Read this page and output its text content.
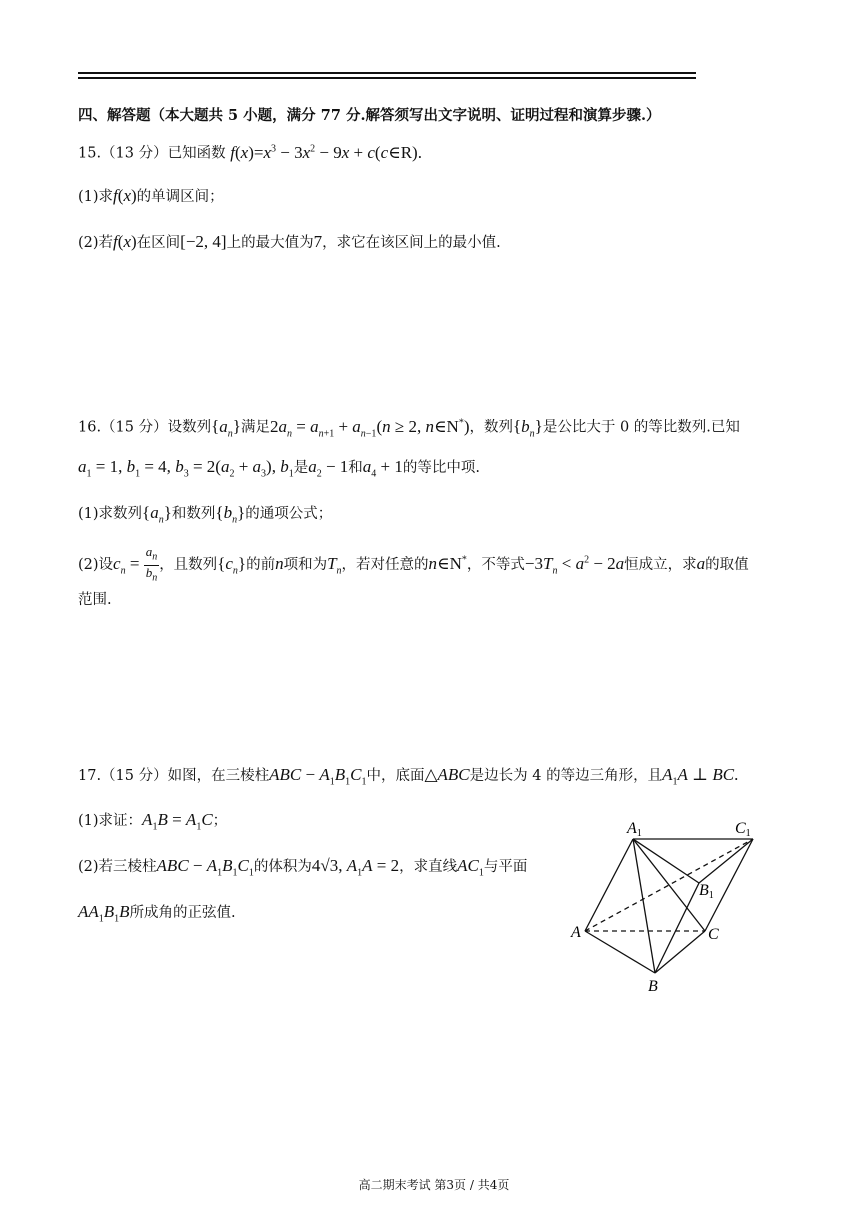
四、解答题（本大题共 5 小题，满分 77 分.解答须写出文字说明、证明过程和演算步骤.）
15.（13 分）已知函数 $f(x)=x^3 - 3x^2 - 9x$ + c(c∈R).
(1)求f(x)的单调区间；
(2)若f(x)在区间[−2, 4]上的最大值为7，求它在该区间上的最小值.
16.（15 分）设数列$\{a_n\}$满足$2a_n = a_{n+1} + a_{n-1}(n \ge 2$, n∈N*)，数列$\{b_n\}$是公比大于 0 的等比数列.已知
$a_1 = 1$, $b_1 = 4$, $b_3 = 2(a_2 + a_3)$, $b_1$是$a_2 - 1$和$a_4 + 1$的等比中项.
(1)求数列$\{a_n\}$和数列$\{b_n\}$的通项公式；
(2)设$c_n = \frac{a_n}{b_n}$ ，且数列$\{c_n\}$的前n项和为$T_n$，若对任意的n∈N*，不等式$-3T_n < a^2 - 2a$恒成立，求a的取值
范围.
17.（15 分）如图，在三棱柱ABC − $A_1B_1C_1$中，底面△ABC是边长为 4 的等边三角形，且$A_1A$ ⊥ BC.
(1)求证：$A_1B = A_1C$；
(2)若三棱柱ABC − $A_1B_1C_1$的体积为4√3, $A_1A = 2$，求直线$AC_1$与平面
$AA_1B_1B$所成角的正弦值.
A1	C1
B1
A	C
B
高二期末考试 第3页 / 共4页
